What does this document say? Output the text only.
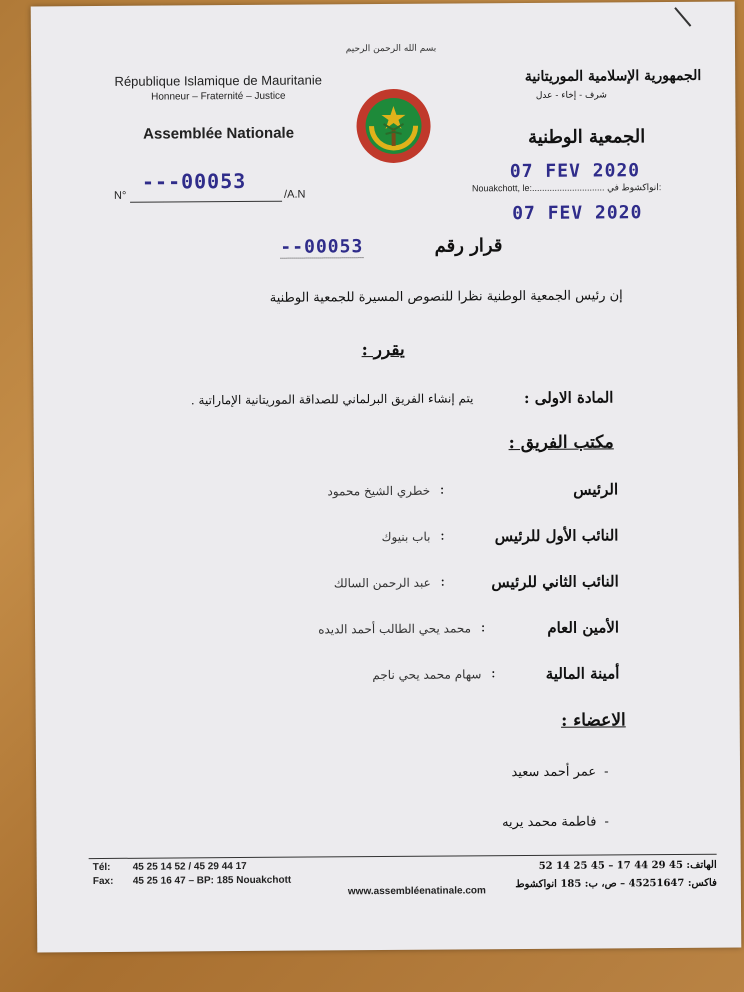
بسم الله الرحمن الرحيم
République Islamique de Mauritanie
Honneur – Fraternité – Justice
Assemblée Nationale
N°	/A.N
---00053
الجمهورية الإسلامية الموريتانية
شرف - إخاء - عدل
الجمعية الوطنية
07 FEV 2020
Nouakchott, le:............................. انواكشوط في:
07 FEV 2020
قرار رقم
--00053
إن رئيس الجمعية الوطنية نظرا للنصوص المسيرة للجمعية الوطنية
يقرر :
المادة الاولى :
يتم إنشاء الفريق البرلماني للصداقة الموريتانية الإماراتية .
مكتب الفريق :
الرئيس
:
خطري الشيخ محمود
النائب الأول للرئيس
:
باب بنيوك
النائب الثاني للرئيس
:
عبد الرحمن السالك
الأمين العام
:
محمد يحي الطالب أحمد الديده
أمينة المالية
:
سهام محمد يحي ناجم
الاعضاء :
-
عمر أحمد سعيد
-
فاطمة محمد يريه
Tél: 45 25 14 52 / 45 29 44 17
Fax: 45 25 16 47 – BP: 185 Nouakchott
الهاتف: 45 29 44 17 – 45 25 14 52
فاكس: 45251647 – ص، ب: 185 انواكشوط
www.assembléenatinale.com
